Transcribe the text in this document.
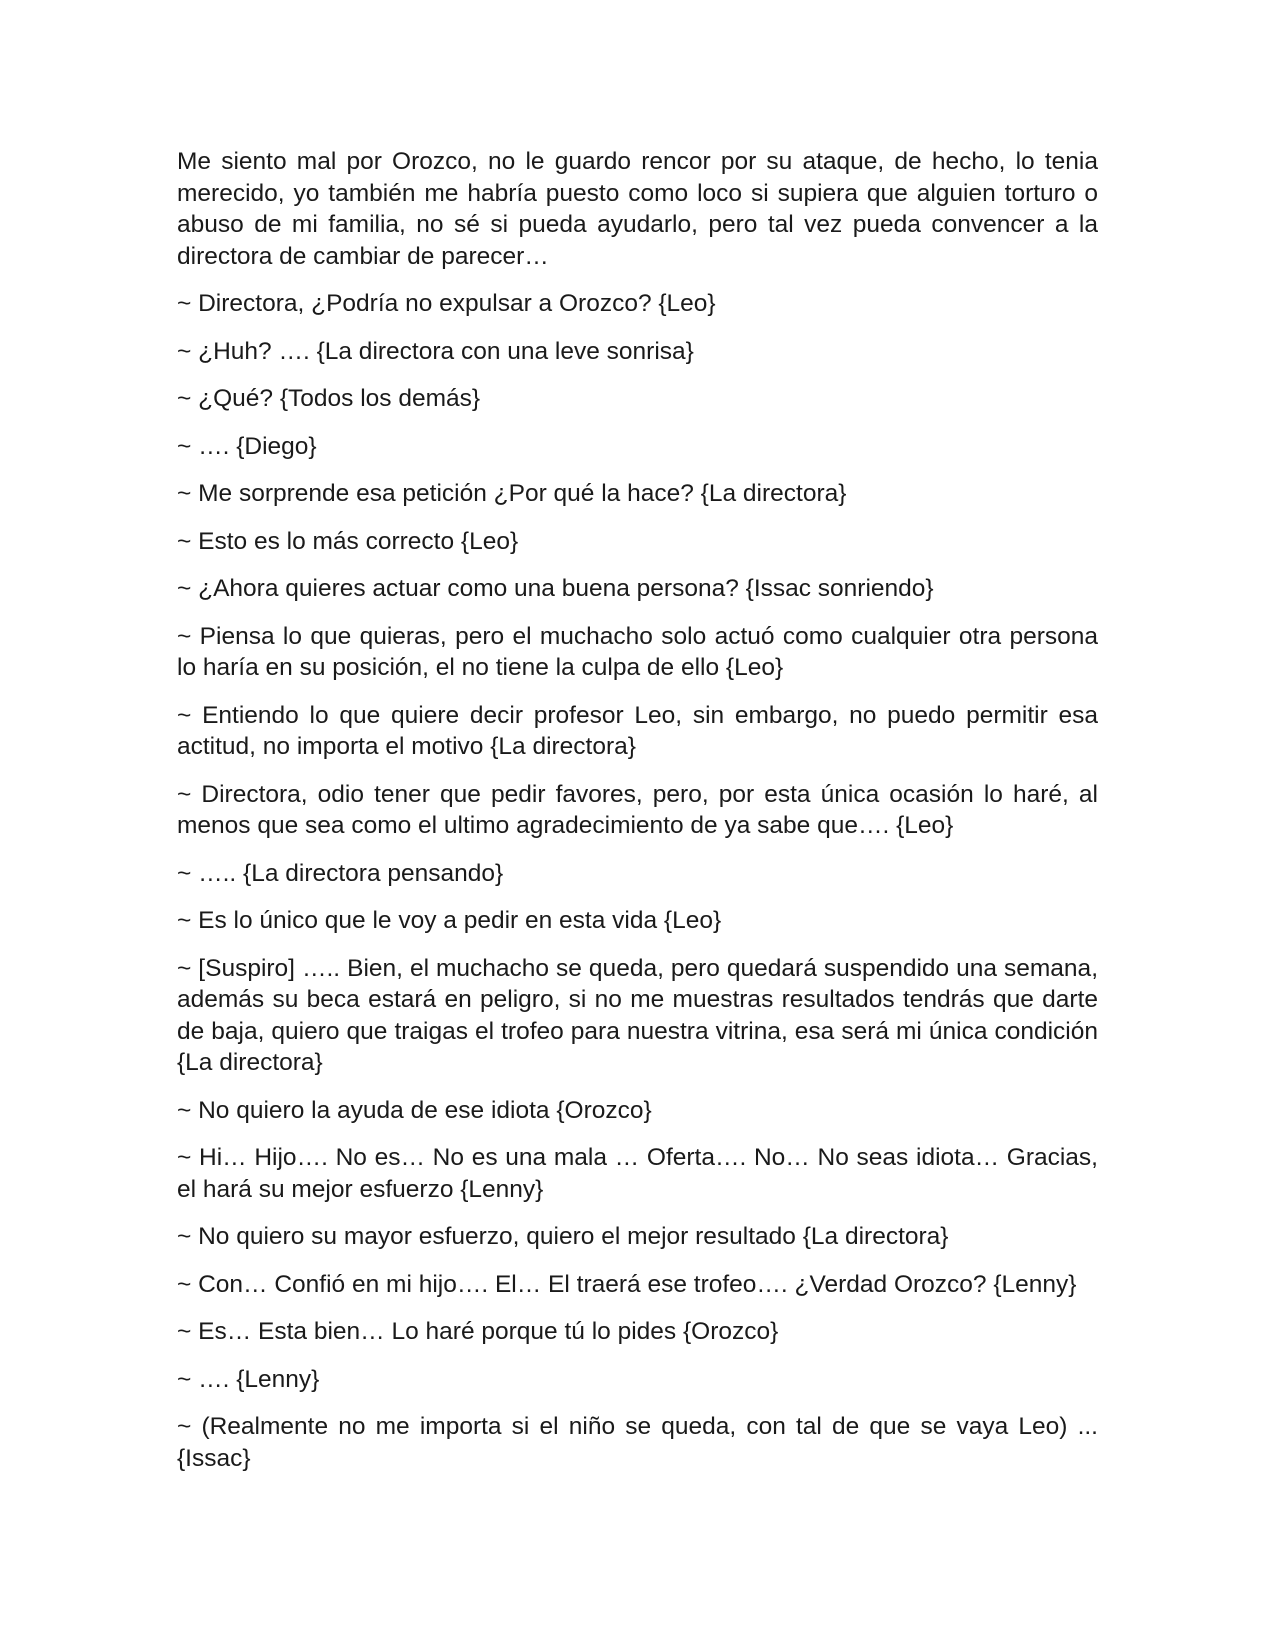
Me siento mal por Orozco, no le guardo rencor por su ataque, de hecho, lo tenia merecido, yo también me habría puesto como loco si supiera que alguien torturo o abuso de mi familia, no sé si pueda ayudarlo, pero tal vez pueda convencer a la directora de cambiar de parecer…

~ Directora, ¿Podría no expulsar a Orozco? {Leo}

~ ¿Huh? …. {La directora con una leve sonrisa}

~ ¿Qué? {Todos los demás}

~ …. {Diego}

~ Me sorprende esa petición ¿Por qué la hace? {La directora}

~ Esto es lo más correcto {Leo}

~ ¿Ahora quieres actuar como una buena persona? {Issac sonriendo}

~ Piensa lo que quieras, pero el muchacho solo actuó como cualquier otra persona lo haría en su posición, el no tiene la culpa de ello {Leo}

~ Entiendo lo que quiere decir profesor Leo, sin embargo, no puedo permitir esa actitud, no importa el motivo {La directora}

~ Directora, odio tener que pedir favores, pero, por esta única ocasión lo haré, al menos que sea como el ultimo agradecimiento de ya sabe que…. {Leo}

~ ….. {La directora pensando}

~ Es lo único que le voy a pedir en esta vida {Leo}

~ [Suspiro] ….. Bien, el muchacho se queda, pero quedará suspendido una semana, además su beca estará en peligro, si no me muestras resultados tendrás que darte de baja, quiero que traigas el trofeo para nuestra vitrina, esa será mi única condición {La directora}

~ No quiero la ayuda de ese idiota {Orozco}

~ Hi… Hijo…. No es… No es una mala … Oferta…. No… No seas idiota… Gracias, el hará su mejor esfuerzo {Lenny}

~ No quiero su mayor esfuerzo, quiero el mejor resultado {La directora}

~ Con… Confió en mi hijo…. El… El traerá ese trofeo…. ¿Verdad Orozco? {Lenny}

~ Es… Esta bien… Lo haré porque tú lo pides {Orozco}

~ …. {Lenny}

~ (Realmente no me importa si el niño se queda, con tal de que se vaya Leo) ... {Issac}
